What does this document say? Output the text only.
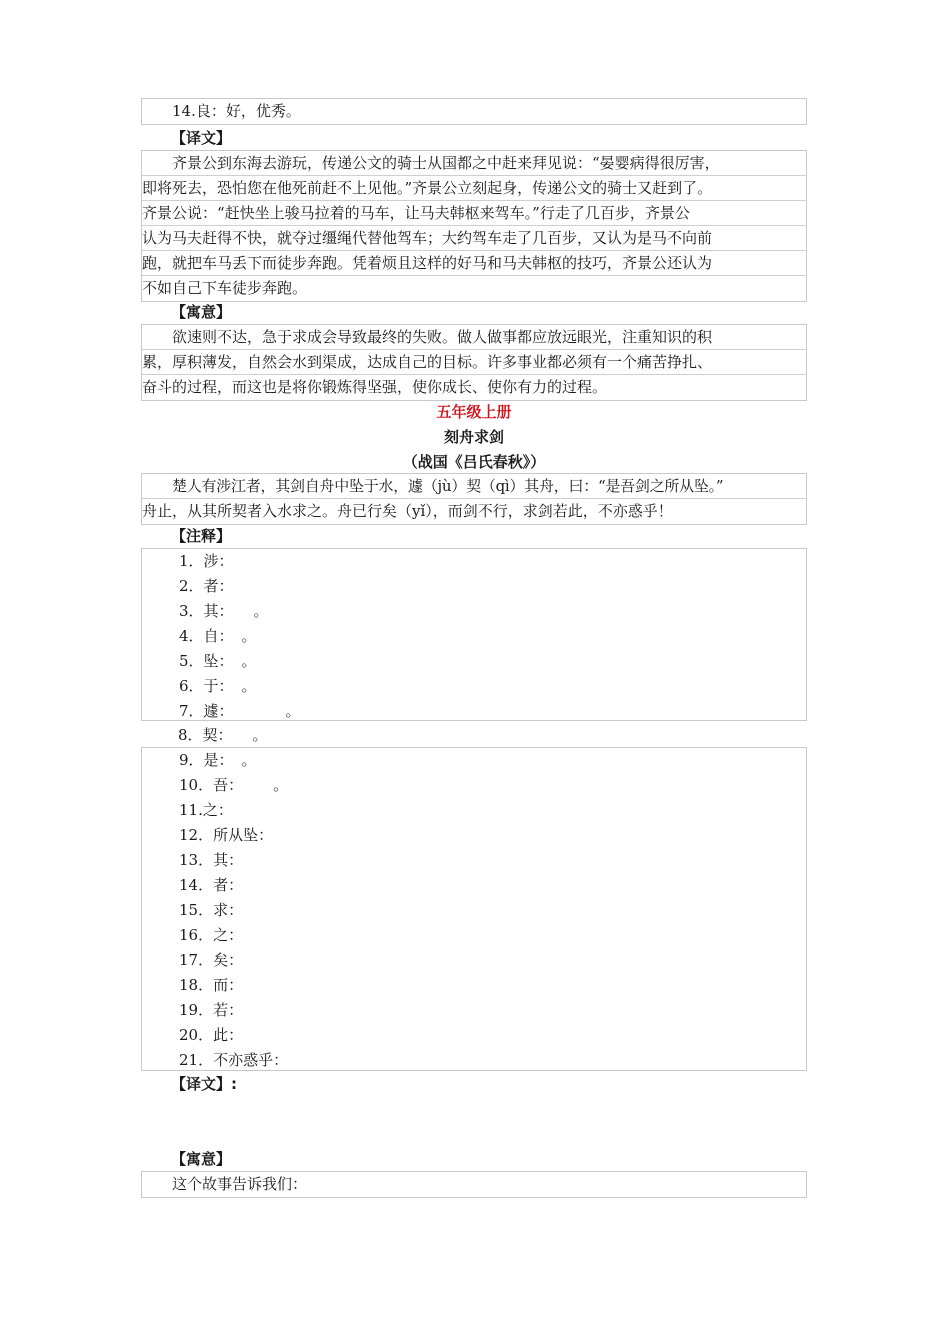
14.良：好，优秀。
【译文】
齐景公到东海去游玩，传递公文的骑士从国都之中赶来拜见说：“晏婴病得很厉害，
即将死去，恐怕您在他死前赶不上见他。”齐景公立刻起身，传递公文的骑士又赶到了。
齐景公说：“赶快坐上骏马拉着的马车，让马夫韩枢来驾车。”行走了几百步，齐景公
认为马夫赶得不快，就夺过缰绳代替他驾车；大约驾车走了几百步，又认为是马不向前
跑，就把车马丢下而徒步奔跑。凭着烦且这样的好马和马夫韩枢的技巧，齐景公还认为
不如自己下车徒步奔跑。
【寓意】
欲速则不达，急于求成会导致最终的失败。做人做事都应放远眼光，注重知识的积
累，厚积薄发，自然会水到渠成，达成自己的目标。许多事业都必须有一个痛苦挣扎、
奋斗的过程，而这也是将你锻炼得坚强，使你成长、使你有力的过程。
五年级上册
刻舟求剑
（战国《吕氏春秋》）
楚人有涉江者，其剑自舟中坠于水，遽（jù）契（qì）其舟，曰：“是吾剑之所从坠。”
舟止，从其所契者入水求之。舟已行矣（yǐ），而剑不行，求剑若此，不亦惑乎！
【注释】
1．涉：
2．者：
3．其： 。
4．自： 。
5．坠： 。
6．于： 。
7．遽：	。
8．契： 。
9．是： 。
10．吾： 。
11.之：
12．所从坠：
13．其：
14．者：
15．求：
16．之：
17．矣：
18．而：
19．若：
20．此：
21．不亦惑乎：
【译文】:
【寓意】
这个故事告诉我们：
